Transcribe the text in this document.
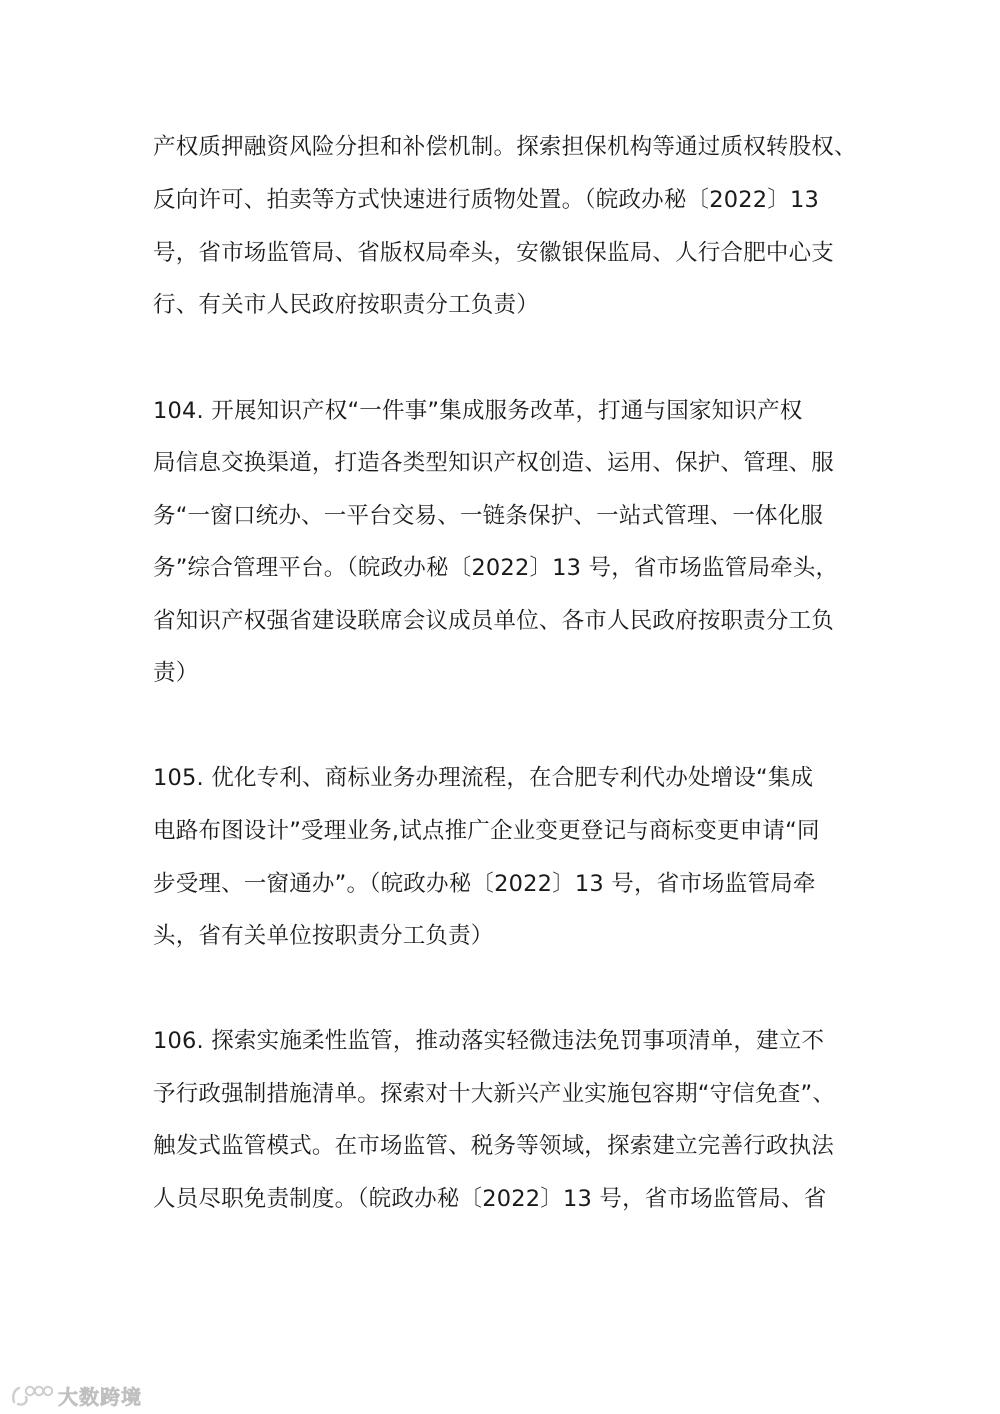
产权质押融资风险分担和补偿机制。探索担保机构等通过质权转股权、
反向许可、拍卖等方式快速进行质物处置。（皖政办秘〔2022〕13
号，省市场监管局、省版权局牵头，安徽银保监局、人行合肥中心支
行、有关市人民政府按职责分工负责）
104. 开展知识产权“一件事”集成服务改革，打通与国家知识产权
局信息交换渠道，打造各类型知识产权创造、运用、保护、管理、服
务“一窗口统办、一平台交易、一链条保护、一站式管理、一体化服
务”综合管理平台。（皖政办秘〔2022〕13 号，省市场监管局牵头，
省知识产权强省建设联席会议成员单位、各市人民政府按职责分工负
责）
105. 优化专利、商标业务办理流程，在合肥专利代办处增设“集成
电路布图设计”受理业务,试点推广企业变更登记与商标变更申请“同
步受理、一窗通办”。（皖政办秘〔2022〕13 号，省市场监管局牵
头，省有关单位按职责分工负责）
106. 探索实施柔性监管，推动落实轻微违法免罚事项清单，建立不
予行政强制措施清单。探索对十大新兴产业实施包容期“守信免查”、
触发式监管模式。在市场监管、税务等领域，探索建立完善行政执法
人员尽职免责制度。（皖政办秘〔2022〕13 号，省市场监管局、省
大数跨境
